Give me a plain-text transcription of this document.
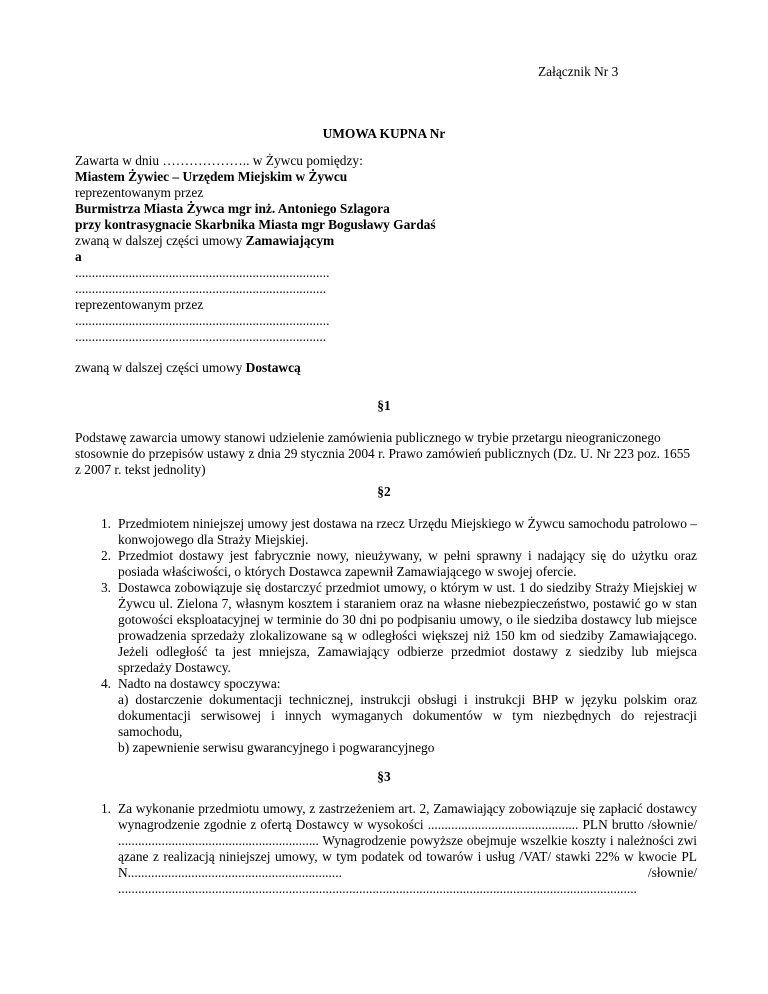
Załącznik Nr 3
UMOWA KUPNA Nr
Zawarta w dniu ……………….. w Żywcu pomiędzy:
Miastem Żywiec – Urzędem Miejskim w Żywcu
reprezentowanym przez
Burmistrza Miasta Żywca mgr inż. Antoniego Szlagora
przy kontrasygnacie Skarbnika Miasta mgr Bogusławy Gardaś
zwaną w dalszej części umowy Zamawiającym
a
............................................................................
...........................................................................
reprezentowanym przez
............................................................................
...........................................................................
zwaną w dalszej części umowy Dostawcą
§1
Podstawę zawarcia umowy stanowi udzielenie zamówienia publicznego w trybie przetargu nieograniczonego stosownie do przepisów ustawy z dnia 29 stycznia 2004 r. Prawo zamówień publicznych (Dz. U. Nr 223 poz. 1655 z 2007 r. tekst jednolity)
§2
1. Przedmiotem niniejszej umowy jest dostawa na rzecz Urzędu Miejskiego w Żywcu samochodu patrolowo – konwojowego dla Straży Miejskiej.
2. Przedmiot dostawy jest fabrycznie nowy, nieużywany, w pełni sprawny i nadający się do użytku oraz posiada właściwości, o których Dostawca zapewnił Zamawiającego w swojej ofercie.
3. Dostawca zobowiązuje się dostarczyć przedmiot umowy, o którym w ust. 1 do siedziby Straży Miejskiej w Żywcu ul. Zielona 7, własnym kosztem i staraniem oraz na własne niebezpieczeństwo, postawić go w stan gotowości eksploatacyjnej w terminie do 30 dni po podpisaniu umowy, o ile siedziba dostawcy lub miejsce prowadzenia sprzedaży zlokalizowane są w odległości większej niż 150 km od siedziby Zamawiającego. Jeżeli odległość ta jest mniejsza, Zamawiający odbierze przedmiot dostawy z siedziby lub miejsca sprzedaży Dostawcy.
4. Nadto na dostawcy spoczywa:
a) dostarczenie dokumentacji technicznej, instrukcji obsługi i instrukcji BHP w języku polskim oraz dokumentacji serwisowej i innych wymaganych dokumentów w tym niezbędnych do rejestracji samochodu,
b) zapewnienie serwisu gwarancyjnego i pogwarancyjnego
§3
1. Za wykonanie przedmiotu umowy, z zastrzeżeniem art. 2, Zamawiający zobowiązuje się zapłacić dostawcy wynagrodzenie zgodnie z ofertą Dostawcy w wysokości ............................................. PLN brutto /słownie/ ............................................................ Wynagrodzenie powyższe obejmuje wszelkie koszty i należności związane z realizacją niniejszej umowy, w tym podatek od towarów i usług /VAT/ stawki 22% w kwocie PLN................................................................ /słownie/ ...........................................................................................................................................................
